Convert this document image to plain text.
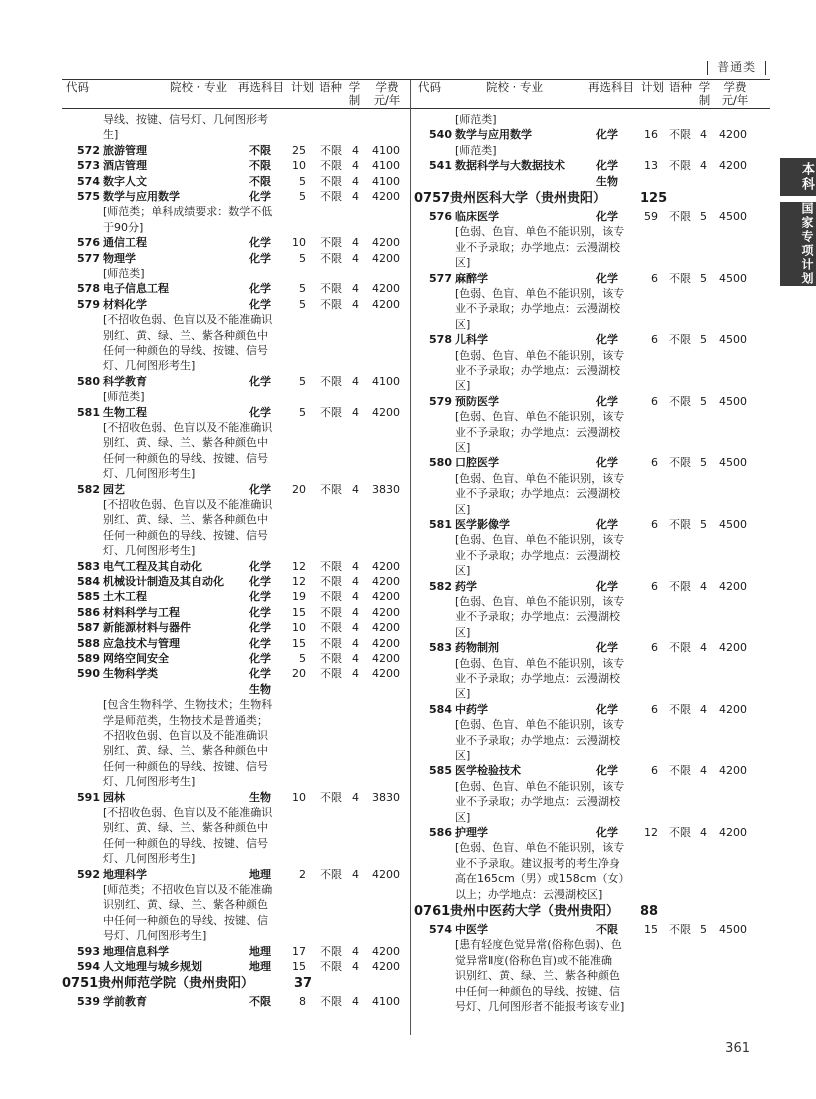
普通类
代码	院校 · 专业 再选科目 计划 语种 学制
学费元/年
代码	院校 · 专业	再选科目 计划 语种 学制
学费元/年
导线、按键、信号灯、几何图形考
生]
572 旅游管理	不限	25 不限 4 4100
573 酒店管理	不限	10 不限 4 4100
574 数字人文	不限	5 不限 4 4100
575 数学与应用数学	化学	5 不限 4 4200
[师范类；单科成绩要求：数学不低
于90分]
576 通信工程	化学	10 不限 4 4200
577 物理学	化学	5 不限 4 4200
[师范类]
578 电子信息工程	化学	5 不限 4 4200
579 材料化学	化学	5 不限 4 4200
[不招收色弱、色盲以及不能准确识
别红、黄、绿、兰、紫各种颜色中
任何一种颜色的导线、按键、信号
灯、几何图形考生]
580 科学教育	化学	5 不限 4 4100
[师范类]
581 生物工程	化学	5 不限 4 4200
[不招收色弱、色盲以及不能准确识
别红、黄、绿、兰、紫各种颜色中
任何一种颜色的导线、按键、信号
灯、几何图形考生]
582 园艺	化学	20 不限 4 3830
[不招收色弱、色盲以及不能准确识
别红、黄、绿、兰、紫各种颜色中
任何一种颜色的导线、按键、信号
灯、几何图形考生]
583 电气工程及其自动化	化学	12 不限 4 4200
584 机械设计制造及其自动化 化学	12 不限 4 4200
585 土木工程	化学	19 不限 4 4200
586 材料科学与工程	化学	15 不限 4 4200
587 新能源材料与器件	化学	10 不限 4 4200
588 应急技术与管理	化学	15 不限 4 4200
589 网络空间安全	化学	5 不限 4 4200
590 生物科学类	化学	20 不限 4 4200
生物
[包含生物科学、生物技术；生物科
学是师范类，生物技术是普通类；
不招收色弱、色盲以及不能准确识
别红、黄、绿、兰、紫各种颜色中
任何一种颜色的导线、按键、信号
灯、几何图形考生]
591 园林	生物	10 不限 4 3830
[不招收色弱、色盲以及不能准确识
别红、黄、绿、兰、紫各种颜色中
任何一种颜色的导线、按键、信号
灯、几何图形考生]
592 地理科学	地理	2 不限 4 4200
[师范类；不招收色盲以及不能准确
识别红、黄、绿、兰、紫各种颜色
中任何一种颜色的导线、按键、信
号灯、几何图形考生]
593 地理信息科学	地理	17 不限 4 4200
594 人文地理与城乡规划	地理	15 不限 4 4200
0751 贵州师范学院（贵州贵阳）	37
539 学前教育	不限	8 不限 4 4100
[师范类]
540 数学与应用数学	化学	16 不限 4 4200
[师范类]
541 数据科学与大数据技术	化学	13 不限 4 4200
生物
0757 贵州医科大学（贵州贵阳）	125
576 临床医学	化学	59 不限 5 4500
[色弱、色盲、单色不能识别，该专
业不予录取；办学地点：云漫湖校
区]
577 麻醉学	化学	6 不限 5 4500
[色弱、色盲、单色不能识别，该专
业不予录取；办学地点：云漫湖校
区]
578 儿科学	化学	6 不限 5 4500
[色弱、色盲、单色不能识别，该专
业不予录取；办学地点：云漫湖校
区]
579 预防医学	化学	6 不限 5 4500
[色弱、色盲、单色不能识别，该专
业不予录取；办学地点：云漫湖校
区]
580 口腔医学	化学	6 不限 5 4500
[色弱、色盲、单色不能识别，该专
业不予录取；办学地点：云漫湖校
区]
581 医学影像学	化学	6 不限 5 4500
[色弱、色盲、单色不能识别，该专
业不予录取；办学地点：云漫湖校
区]
582 药学	化学	6 不限 4 4200
[色弱、色盲、单色不能识别，该专
业不予录取；办学地点：云漫湖校
区]
583 药物制剂	化学	6 不限 4 4200
[色弱、色盲、单色不能识别，该专
业不予录取；办学地点：云漫湖校
区]
584 中药学	化学	6 不限 4 4200
[色弱、色盲、单色不能识别，该专
业不予录取；办学地点：云漫湖校
区]
585 医学检验技术	化学	6 不限 4 4200
[色弱、色盲、单色不能识别，该专
业不予录取；办学地点：云漫湖校
区]
586 护理学	化学	12 不限 4 4200
[色弱、色盲、单色不能识别，该专
业不予录取。建议报考的考生净身
高在165cm（男）或158cm（女）
以上；办学地点：云漫湖校区]
0761 贵州中医药大学（贵州贵阳） 88
574 中医学	不限	15 不限 5 4500
[患有轻度色觉异常(俗称色弱)、色
觉异常Ⅱ度(俗称色盲)或不能准确
识别红、黄、绿、兰、紫各种颜色
中任何一种颜色的导线、按键、信
号灯、几何图形者不能报考该专业]
本科
国家专项计划
361
